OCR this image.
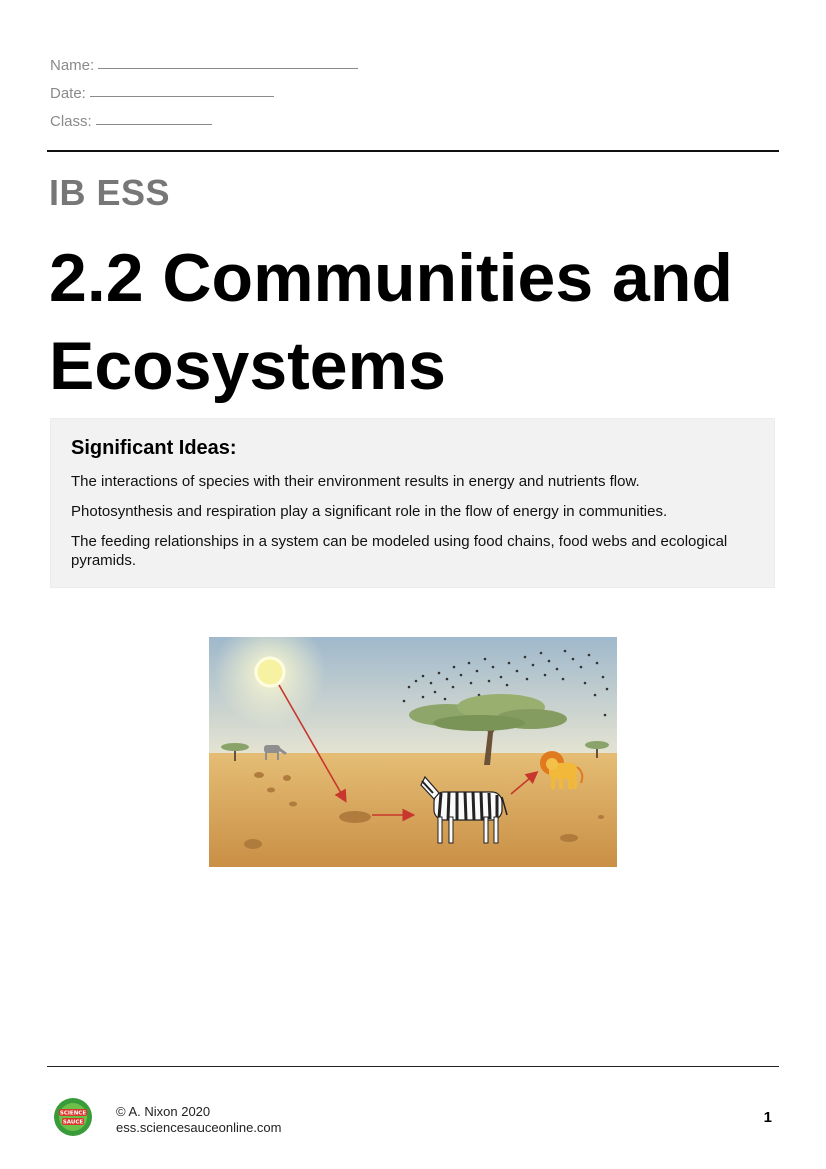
Name:
Date:
Class:
IB ESS
2.2 Communities and Ecosystems
Significant Ideas:
The interactions of species with their environment results in energy and nutrients flow.
Photosynthesis and respiration play a significant role in the flow of energy in communities.
The feeding relationships in a system can be modeled using food chains, food webs and ecological pyramids.
SCIENCE
SAUCE
© A. Nixon 2020
ess.sciencesauceonline.com
1
